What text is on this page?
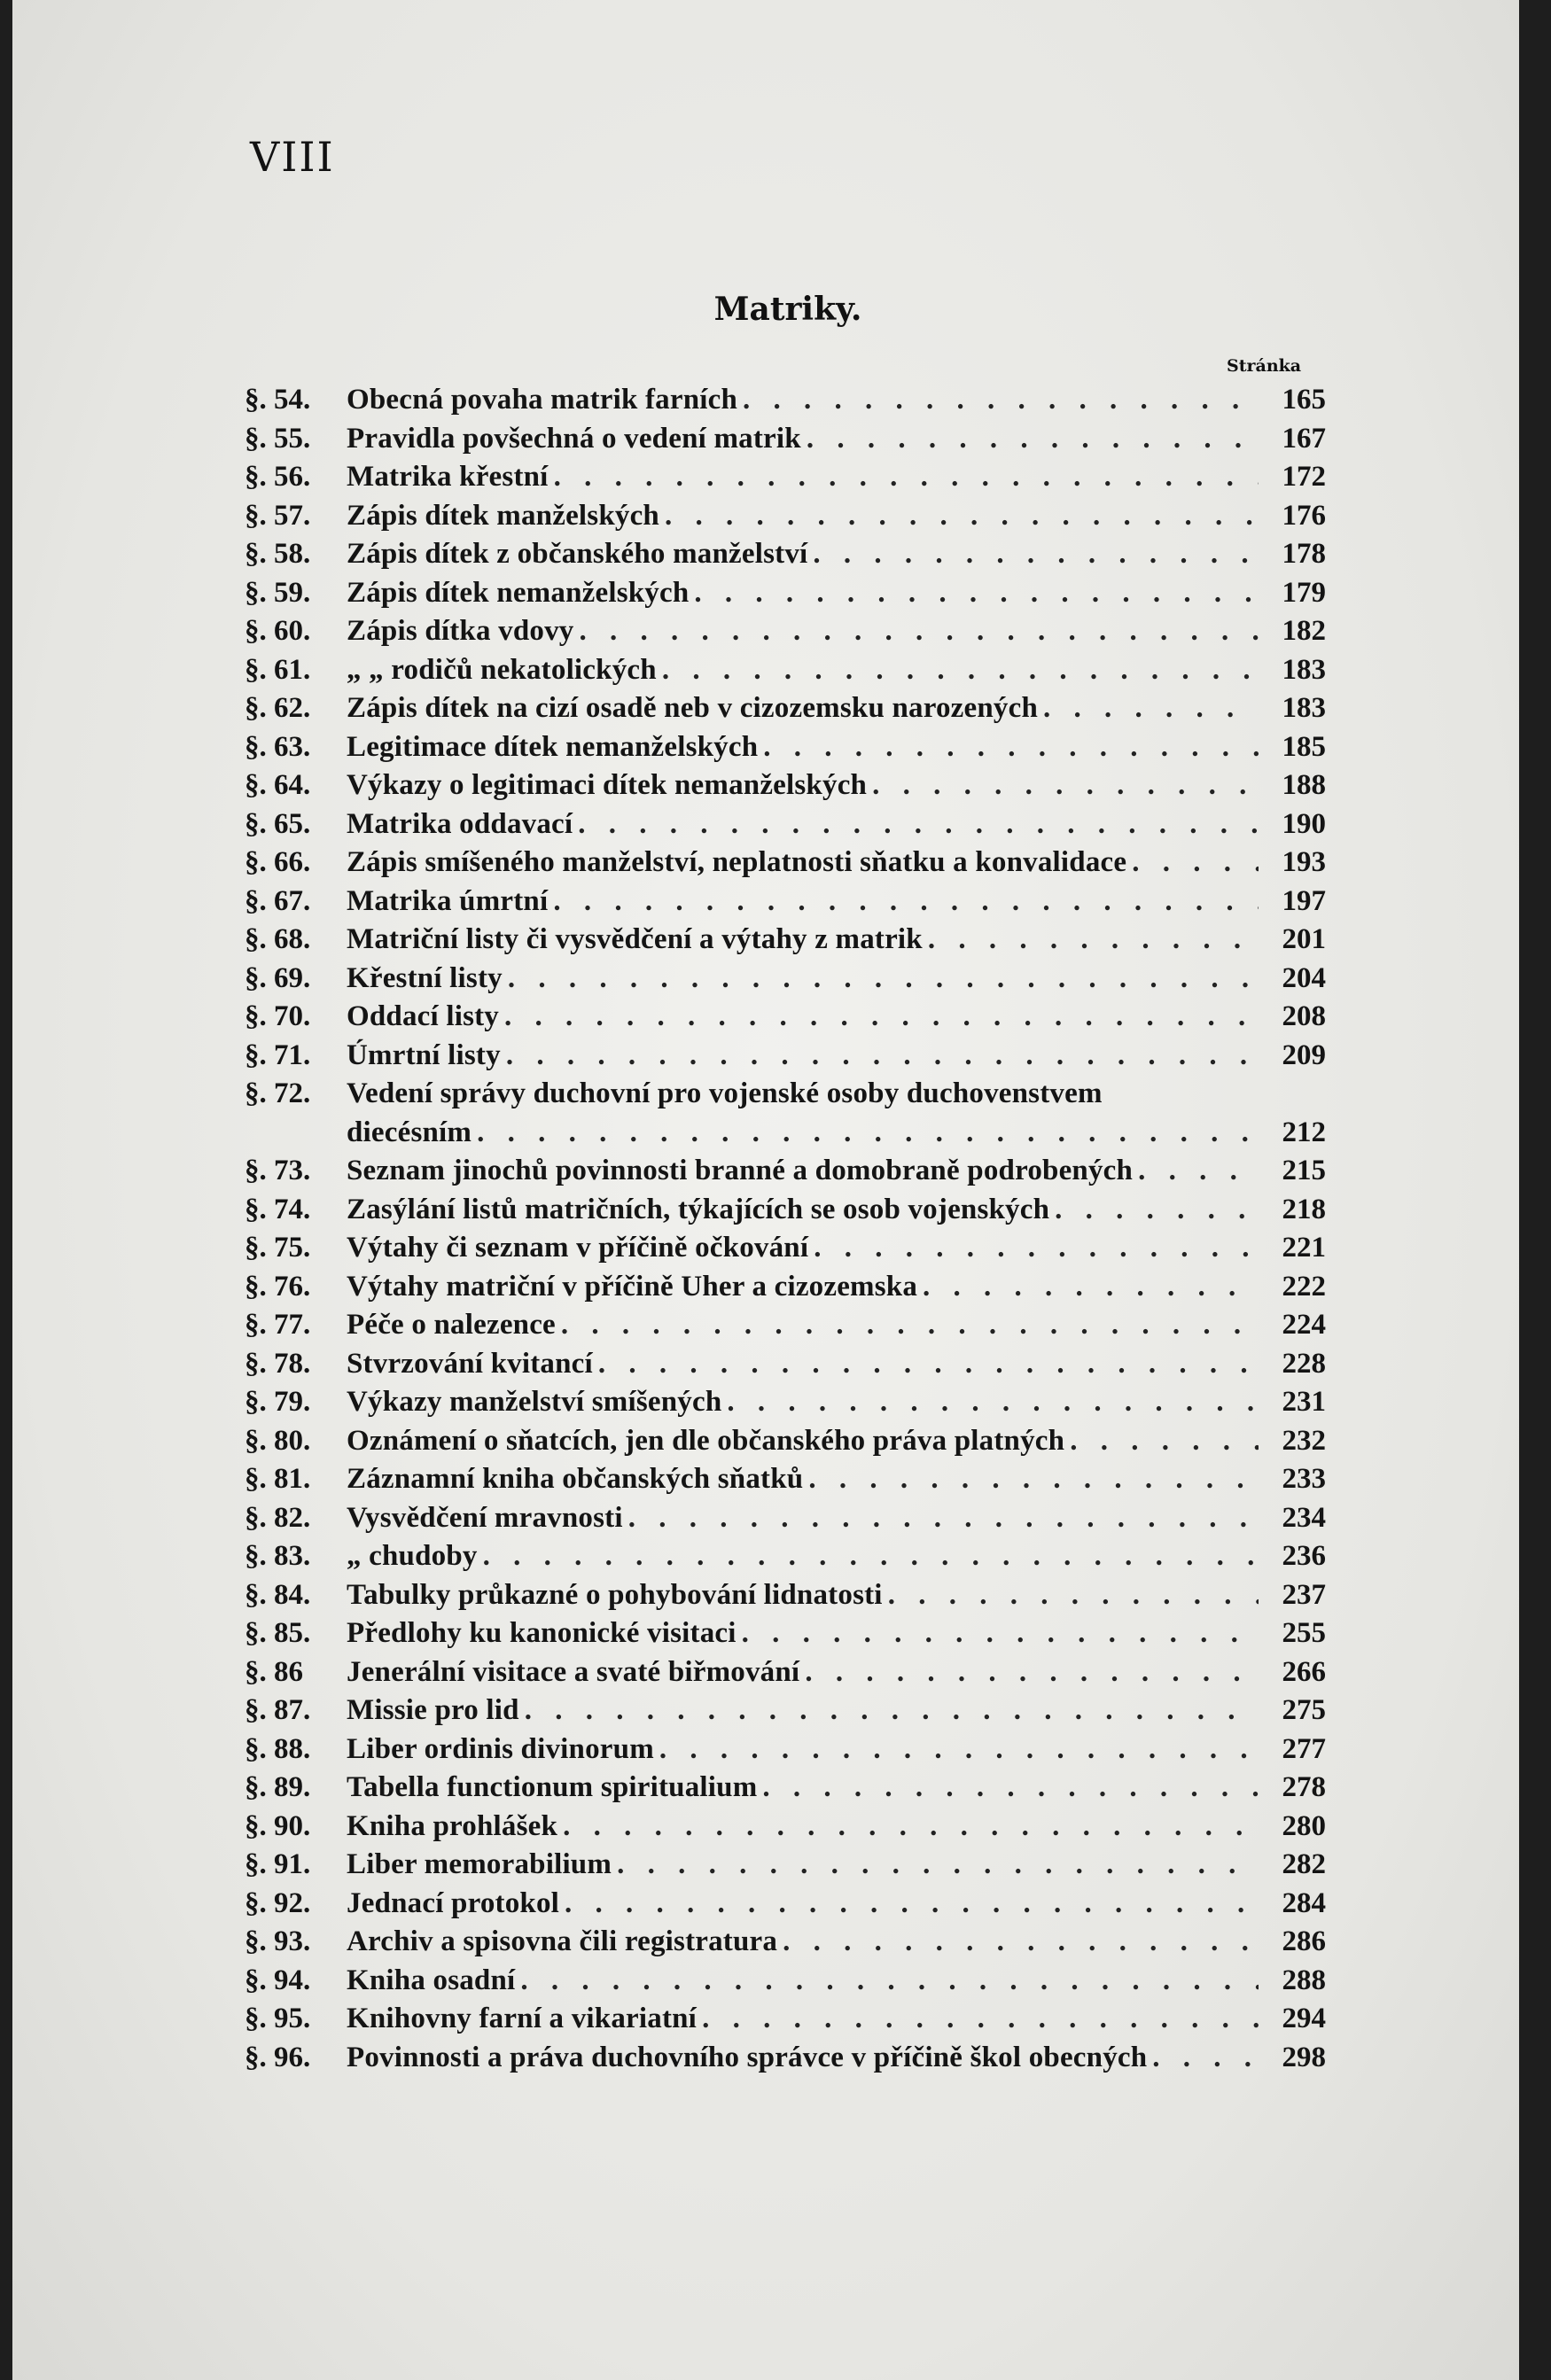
VIII
Matriky.
Stránka
§. 54.	Obecná povaha matrik farních . . .	165
§. 55.	Pravidla povšechná o vedení matrik . . .	167
§. 56.	Matrika křestní . . .	172
§. 57.	Zápis dítek manželských . . .	176
§. 58.	Zápis dítek z občanského manželství . . .	178
§. 59.	Zápis dítek nemanželských . . .	179
§. 60.	Zápis dítka vdovy . . .	182
§. 61.	„ „ rodičů nekatolických . . .	183
§. 62.	Zápis dítek na cizí osadě neb v cizozemsku narozených . . .	183
§. 63.	Legitimace dítek nemanželských . . .	185
§. 64.	Výkazy o legitimaci dítek nemanželských . . .	188
§. 65.	Matrika oddavací . . .	190
§. 66.	Zápis smíšeného manželství, neplatnosti sňatku a konvalidace . . .	193
§. 67.	Matrika úmrtní . . .	197
§. 68.	Matriční listy či vysvědčení a výtahy z matrik . . .	201
§. 69.	Křestní listy . . .	204
§. 70.	Oddací listy . . .	208
§. 71.	Úmrtní listy . . .	209
§. 72.	Vedení správy duchovní pro vojenské osoby duchovenstvem
diecésním . . .	212
§. 73.	Seznam jinochů povinnosti branné a domobraně podrobených . . .	215
§. 74.	Zasýlání listů matričních, týkajících se osob vojenských . . .	218
§. 75.	Výtahy či seznam v příčině očkování . . .	221
§. 76.	Výtahy matriční v příčině Uher a cizozemska . . .	222
§. 77.	Péče o nalezence . . .	224
§. 78.	Stvrzování kvitancí . . .	228
§. 79.	Výkazy manželství smíšených . . .	231
§. 80.	Oznámení o sňatcích, jen dle občanského práva platných . . .	232
§. 81.	Záznamní kniha občanských sňatků . . .	233
§. 82.	Vysvědčení mravnosti . . .	234
§. 83.	„ chudoby . . .	236
§. 84.	Tabulky průkazné o pohybování lidnatosti . . .	237
§. 85.	Předlohy ku kanonické visitaci . . .	255
§. 86	Jenerální visitace a svaté biřmování . . .	266
§. 87.	Missie pro lid . . .	275
§. 88.	Liber ordinis divinorum . . .	277
§. 89.	Tabella functionum spiritualium . . .	278
§. 90.	Kniha prohlášek . . .	280
§. 91.	Liber memorabilium . . .	282
§. 92.	Jednací protokol . . .	284
§. 93.	Archiv a spisovna čili registratura . . .	286
§. 94.	Kniha osadní . . .	288
§. 95.	Knihovny farní a vikariatní . . .	294
§. 96.	Povinnosti a práva duchovního správce v příčině škol obecných . . .	298
